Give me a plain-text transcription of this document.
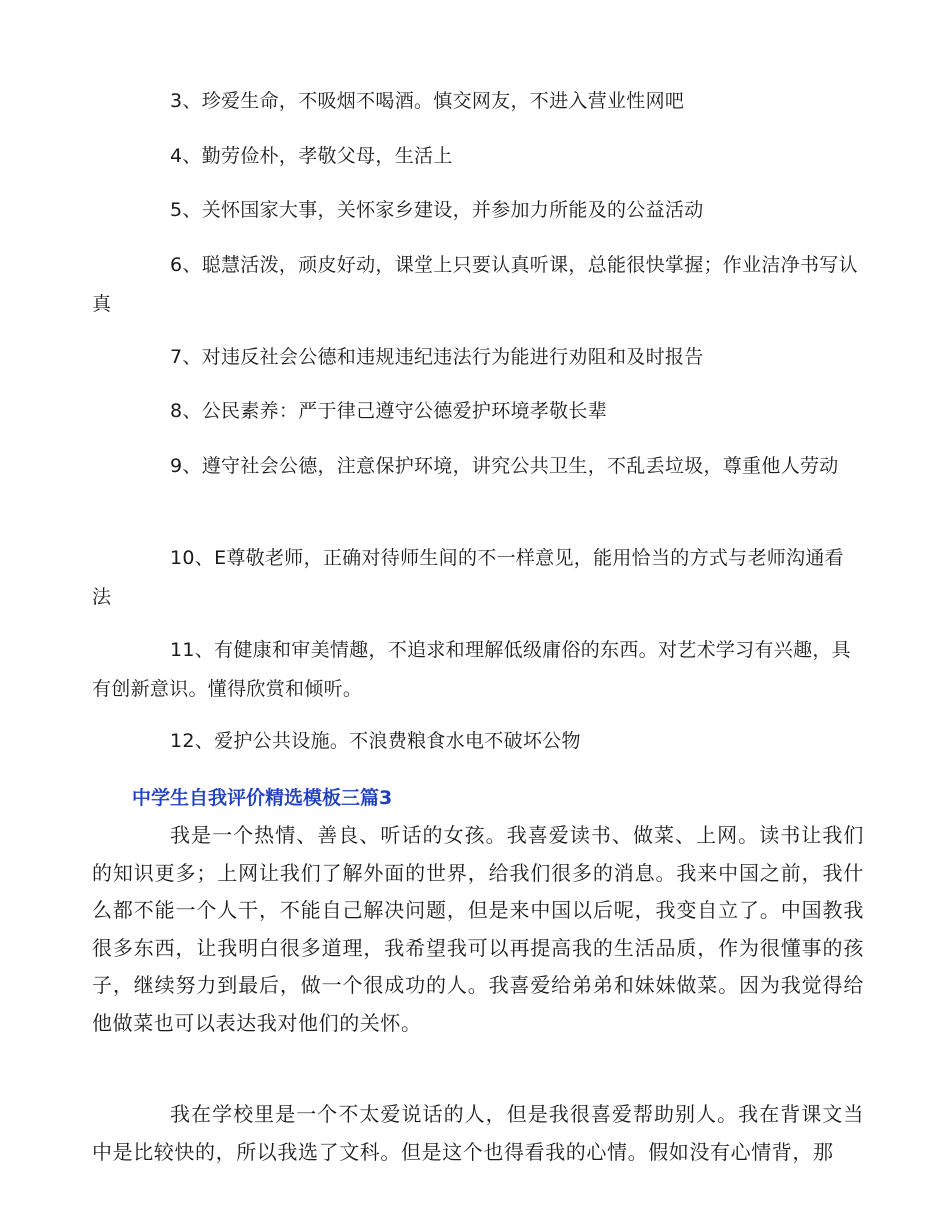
3、珍爱生命，不吸烟不喝酒。慎交网友，不进入营业性网吧

4、勤劳俭朴，孝敬父母，生活上

5、关怀国家大事，关怀家乡建设，并参加力所能及的公益活动

6、聪慧活泼，顽皮好动，课堂上只要认真听课，总能很快掌握；作业洁净书写认真

7、对违反社会公德和违规违纪违法行为能进行劝阻和及时报告

8、公民素养：严于律己遵守公德爱护环境孝敬长辈

9、遵守社会公德，注意保护环境，讲究公共卫生，不乱丢垃圾，尊重他人劳动

10、E尊敬老师，正确对待师生间的不一样意见，能用恰当的方式与老师沟通看法

11、有健康和审美情趣，不追求和理解低级庸俗的东西。对艺术学习有兴趣，具有创新意识。懂得欣赏和倾听。

12、爱护公共设施。不浪费粮食水电不破坏公物

中学生自我评价精选模板三篇3

我是一个热情、善良、听话的女孩。我喜爱读书、做菜、上网。读书让我们的知识更多；上网让我们了解外面的世界，给我们很多的消息。我来中国之前，我什么都不能一个人干，不能自己解决问题，但是来中国以后呢，我变自立了。中国教我很多东西，让我明白很多道理，我希望我可以再提高我的生活品质，作为很懂事的孩子，继续努力到最后，做一个很成功的人。我喜爱给弟弟和妹妹做菜。因为我觉得给他做菜也可以表达我对他们的关怀。

我在学校里是一个不太爱说话的人，但是我很喜爱帮助别人。我在背课文当中是比较快的，所以我选了文科。但是这个也得看我的心情。假如没有心情背，那
